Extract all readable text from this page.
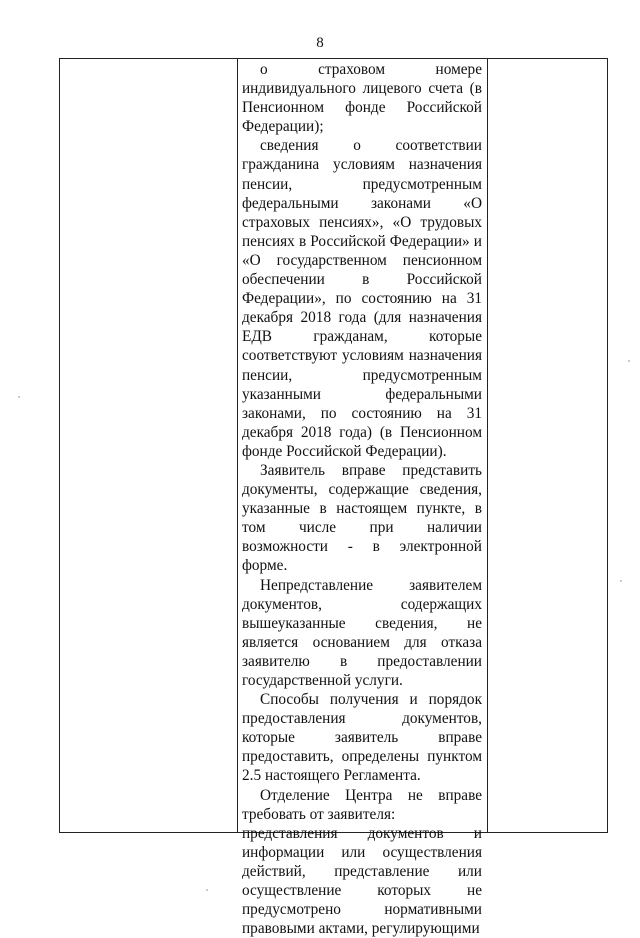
8

о страховом номере индивидуального лицевого счета (в Пенсионном фонде Российской Федерации);

сведения о соответствии гражданина условиям назначения пенсии, предусмотренным федеральными законами «О страховых пенсиях», «О трудовых пенсиях в Российской Федерации» и «О государственном пенсионном обеспечении в Российской Федерации», по состоянию на 31 декабря 2018 года (для назначения ЕДВ гражданам, которые соответствуют условиям назначения пенсии, предусмотренным указанными федеральными законами, по состоянию на 31 декабря 2018 года) (в Пенсионном фонде Российской Федерации).

Заявитель вправе представить документы, содержащие сведения, указанные в настоящем пункте, в том числе при наличии возможности - в электронной форме.

Непредставление заявителем документов, содержащих вышеуказанные сведения, не является основанием для отказа заявителю в предоставлении государственной услуги.

Способы получения и порядок предоставления документов, которые заявитель вправе предоставить, определены пунктом 2.5 настоящего Регламента.

Отделение Центра не вправе требовать от заявителя:

представления документов и информации или осуществления действий, представление или осуществление которых не предусмотрено нормативными правовыми актами, регулирующими
